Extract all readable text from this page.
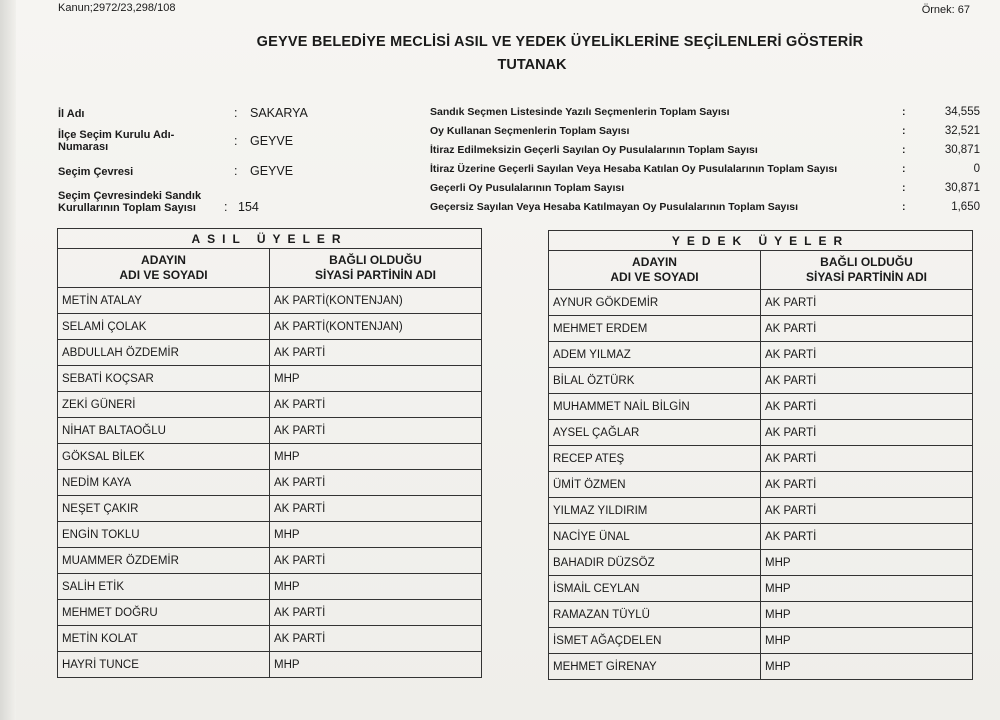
Kanun;2972/23,298/108	Örnek: 67
GEYVE BELEDİYE MECLİSİ ASIL VE YEDEK ÜYELİKLERİNE SEÇİLENLERİ GÖSTERİR
TUTANAK
İl Adı	: SAKARYA
İlçe Seçim Kurulu Adı-
Numarası	: GEYVE
Seçim Çevresi	: GEYVE
Seçim Çevresindeki Sandık
Kurullarının Toplam Sayısı : 154
Sandık Seçmen Listesinde Yazılı Seçmenlerin Toplam Sayısı	:	34,555
Oy Kullanan Seçmenlerin Toplam Sayısı	:	32,521
İtiraz Edilmeksizin Geçerli Sayılan Oy Pusulalarının Toplam Sayısı	:	30,871
İtiraz Üzerine Geçerli Sayılan Veya Hesaba Katılan Oy Pusulalarının Toplam Sayısı	:	0
Geçerli Oy Pusulalarının Toplam Sayısı	:	30,871
Geçersiz Sayılan Veya Hesaba Katılmayan Oy Pusulalarının Toplam Sayısı	:	1,650
ASIL ÜYELER	
ADAYIN
ADI VE SOYADI	BAĞLI OLDUĞU
SİYASİ PARTİNİN ADI
METİN ATALAY	AK PARTİ(KONTENJAN)
SELAMİ ÇOLAK	AK PARTİ(KONTENJAN)
ABDULLAH ÖZDEMİR	AK PARTİ
SEBATİ KOÇSAR	MHP
ZEKİ GÜNERİ	AK PARTİ
NİHAT BALTAOĞLU	AK PARTİ
GÖKSAL BİLEK	MHP
NEDİM KAYA	AK PARTİ
NEŞET ÇAKIR	AK PARTİ
ENGİN TOKLU	MHP
MUAMMER ÖZDEMİR	AK PARTİ
SALİH ETİK	MHP
MEHMET DOĞRU	AK PARTİ
METİN KOLAT	AK PARTİ
HAYRİ TUNCE	MHP
YEDEK ÜYELER	
ADAYIN
ADI VE SOYADI	BAĞLI OLDUĞU
SİYASİ PARTİNİN ADI
AYNUR GÖKDEMİR	AK PARTİ
MEHMET ERDEM	AK PARTİ
ADEM YILMAZ	AK PARTİ
BİLAL ÖZTÜRK	AK PARTİ
MUHAMMET NAİL BİLGİN	AK PARTİ
AYSEL ÇAĞLAR	AK PARTİ
RECEP ATEŞ	AK PARTİ
ÜMİT ÖZMEN	AK PARTİ
YILMAZ YILDIRIM	AK PARTİ
NACİYE ÜNAL	AK PARTİ
BAHADIR DÜZSÖZ	MHP
İSMAİL CEYLAN	MHP
RAMAZAN TÜYLÜ	MHP
İSMET AĞAÇDELEN	MHP
MEHMET GİRENAY	MHP
